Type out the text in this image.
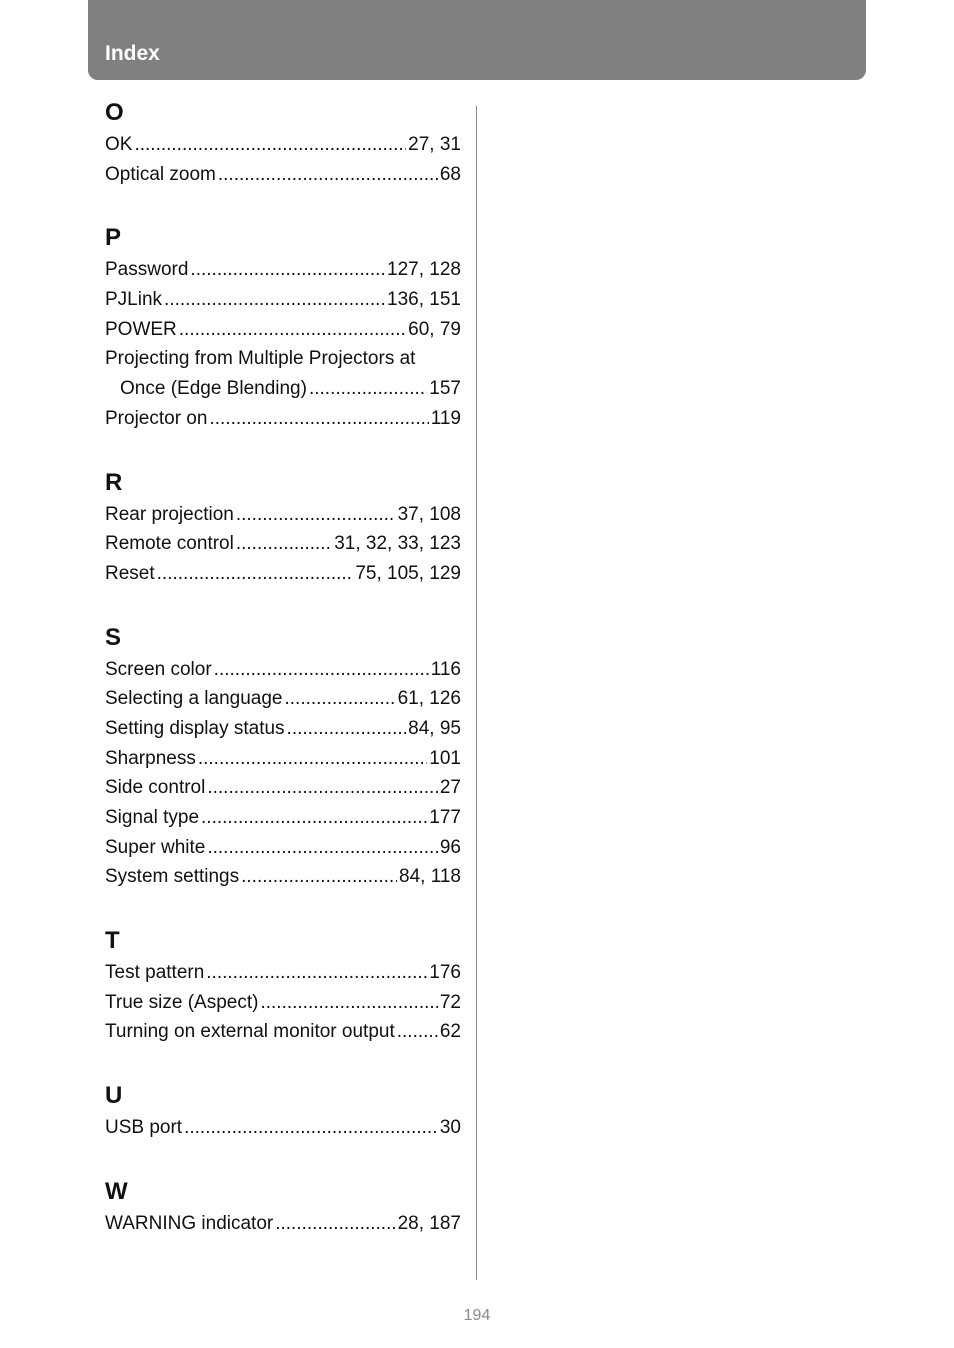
Index
O
OK .....	27, 31
Optical zoom .....	68
P
Password .....	127, 128
PJLink .....	136, 151
POWER .....	60, 79
Projecting from Multiple Projectors at
Once (Edge Blending) .....	157
Projector on .....	119
R
Rear projection .....	37, 108
Remote control .....	31, 32, 33, 123
Reset .....	75, 105, 129
S
Screen color .....	116
Selecting a language .....	61, 126
Setting display status .....	84, 95
Sharpness .....	101
Side control .....	27
Signal type .....	177
Super white .....	96
System settings .....	84, 118
T
Test pattern .....	176
True size (Aspect) .....	72
Turning on external monitor output ..... 62
U
USB port .....	30
W
WARNING indicator .....	28, 187
194
